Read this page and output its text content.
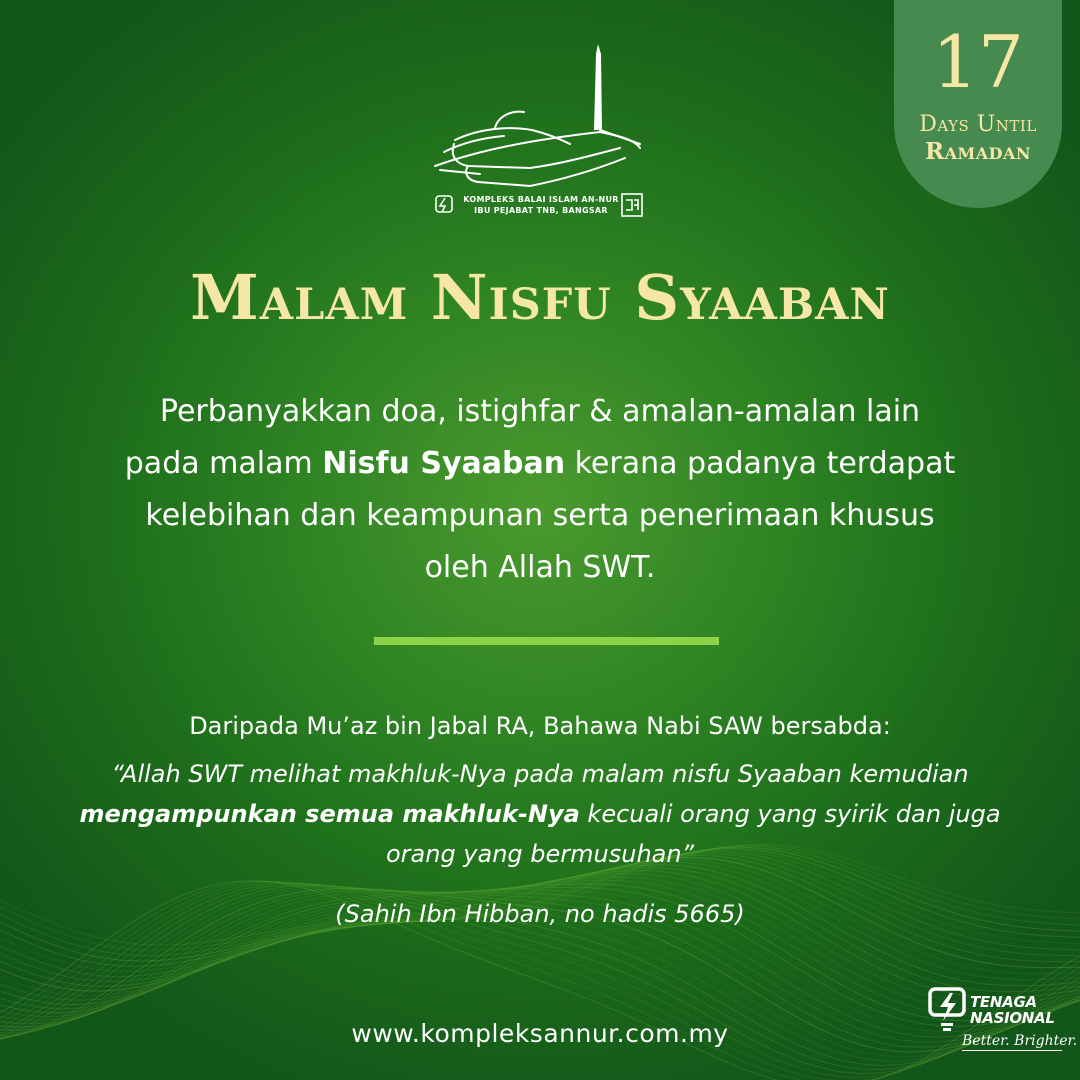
17
Days Until
Ramadan
KOMPLEKS BALAI ISLAM AN-NUR
IBU PEJABAT TNB, BANGSAR
Malam Nisfu Syaaban
Perbanyakkan doa, istighfar & amalan-amalan lain pada malam Nisfu Syaaban kerana padanya terdapat kelebihan dan keampunan serta penerimaan khusus oleh Allah SWT.
Daripada Mu’az bin Jabal RA, Bahawa Nabi SAW bersabda:
“Allah SWT melihat makhluk-Nya pada malam nisfu Syaaban kemudian mengampunkan semua makhluk-Nya kecuali orang yang syirik dan juga orang yang bermusuhan”
(Sahih Ibn Hibban, no hadis 5665)
www.kompleksannur.com.my
TENAGA
NASIONAL
Better. Brighter.
